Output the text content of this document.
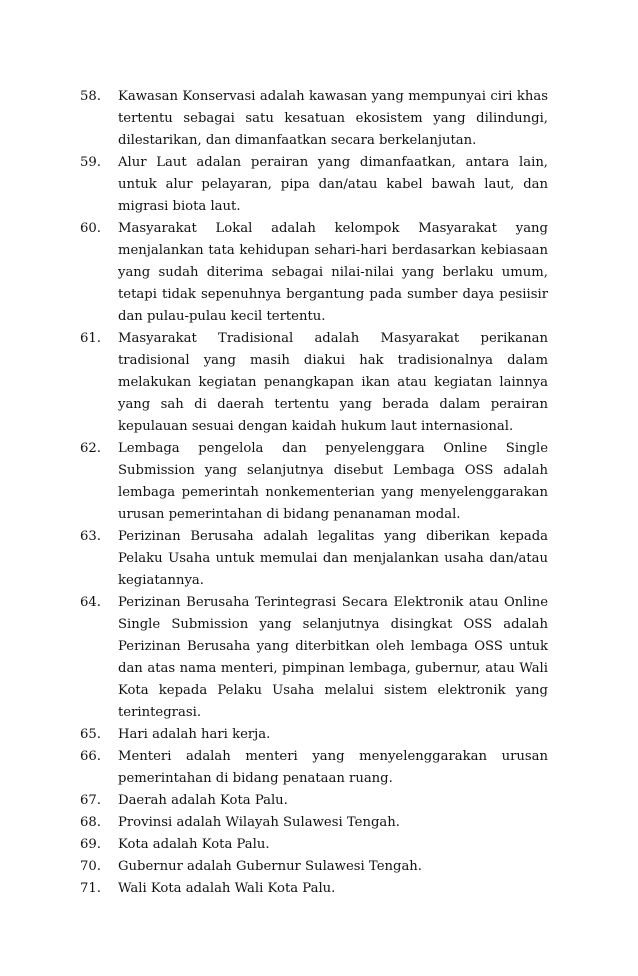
58. Kawasan Konservasi adalah kawasan yang mempunyai ciri khas tertentu sebagai satu kesatuan ekosistem yang dilindungi, dilestarikan, dan dimanfaatkan secara berkelanjutan.
59. Alur Laut adalan perairan yang dimanfaatkan, antara lain, untuk alur pelayaran, pipa dan/atau kabel bawah laut, dan migrasi biota laut.
60. Masyarakat Lokal adalah kelompok Masyarakat yang menjalankan tata kehidupan sehari-hari berdasarkan kebiasaan yang sudah diterima sebagai nilai-nilai yang berlaku umum, tetapi tidak sepenuhnya bergantung pada sumber daya pesiisir dan pulau-pulau kecil tertentu.
61. Masyarakat Tradisional adalah Masyarakat perikanan tradisional yang masih diakui hak tradisionalnya dalam melakukan kegiatan penangkapan ikan atau kegiatan lainnya yang sah di daerah tertentu yang berada dalam perairan kepulauan sesuai dengan kaidah hukum laut internasional.
62. Lembaga pengelola dan penyelenggara Online Single Submission yang selanjutnya disebut Lembaga OSS adalah lembaga pemerintah nonkementerian yang menyelenggarakan urusan pemerintahan di bidang penanaman modal.
63. Perizinan Berusaha adalah legalitas yang diberikan kepada Pelaku Usaha untuk memulai dan menjalankan usaha dan/atau kegiatannya.
64. Perizinan Berusaha Terintegrasi Secara Elektronik atau Online Single Submission yang selanjutnya disingkat OSS adalah Perizinan Berusaha yang diterbitkan oleh lembaga OSS untuk dan atas nama menteri, pimpinan lembaga, gubernur, atau Wali Kota kepada Pelaku Usaha melalui sistem elektronik yang terintegrasi.
65. Hari adalah hari kerja.
66. Menteri adalah menteri yang menyelenggarakan urusan pemerintahan di bidang penataan ruang.
67. Daerah adalah Kota Palu.
68. Provinsi adalah Wilayah Sulawesi Tengah.
69. Kota adalah Kota Palu.
70. Gubernur adalah Gubernur Sulawesi Tengah.
71. Wali Kota adalah Wali Kota Palu.
